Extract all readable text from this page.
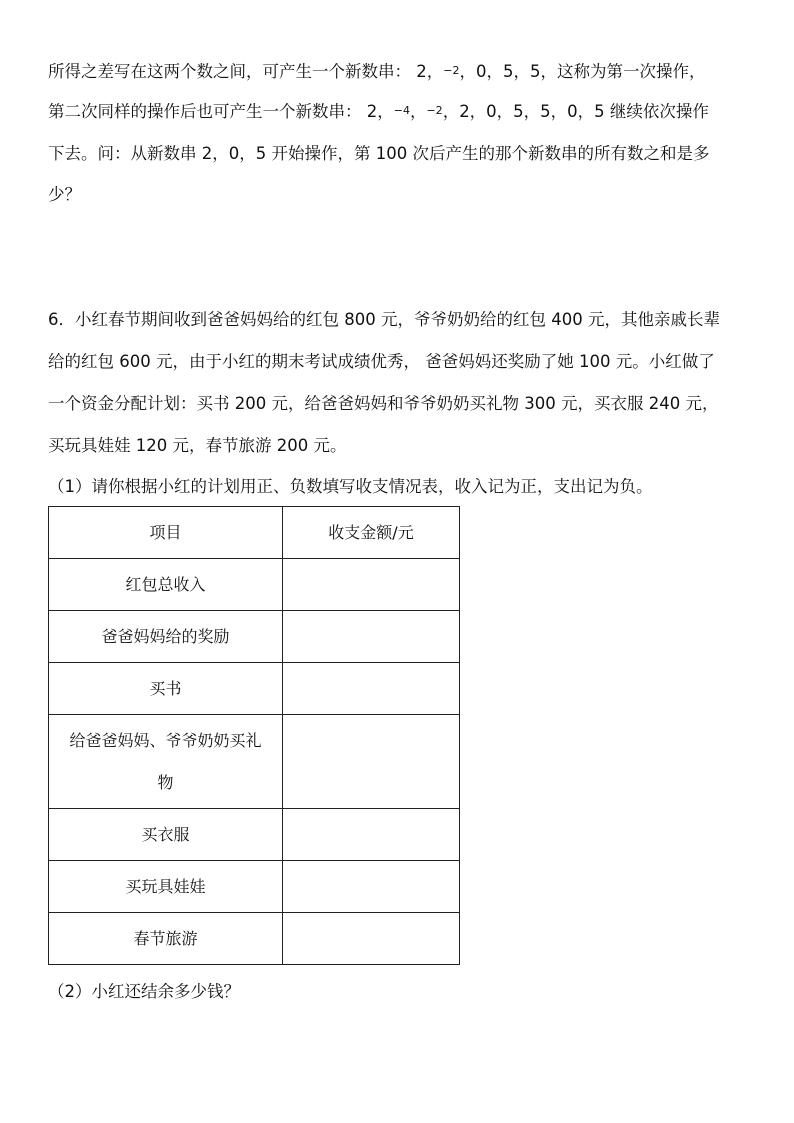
所得之差写在这两个数之间，可产生一个新数串： 2，−2，0，5，5，这称为第一次操作，
第二次同样的操作后也可产生一个新数串： 2，−4，−2，2，0，5，5，0，5 继续依次操作
下去。问：从新数串 2，0，5 开始操作，第 100 次后产生的那个新数串的所有数之和是多
少？
6．小红春节期间收到爸爸妈妈给的红包 800 元，爷爷奶奶给的红包 400 元，其他亲戚长辈
给的红包 600 元，由于小红的期末考试成绩优秀， 爸爸妈妈还奖励了她 100 元。小红做了
一个资金分配计划：买书 200 元，给爸爸妈妈和爷爷奶奶买礼物 300 元，买衣服 240 元，
买玩具娃娃 120 元，春节旅游 200 元。
（1）请你根据小红的计划用正、负数填写收支情况表，收入记为正，支出记为负。
项目	收支金额/元
红包总收入	
爸爸妈妈给的奖励	
买书	

给爸爸妈妈、爷爷奶奶买礼
物	

买衣服	
买玩具娃娃	
春节旅游	
（2）小红还结余多少钱？
